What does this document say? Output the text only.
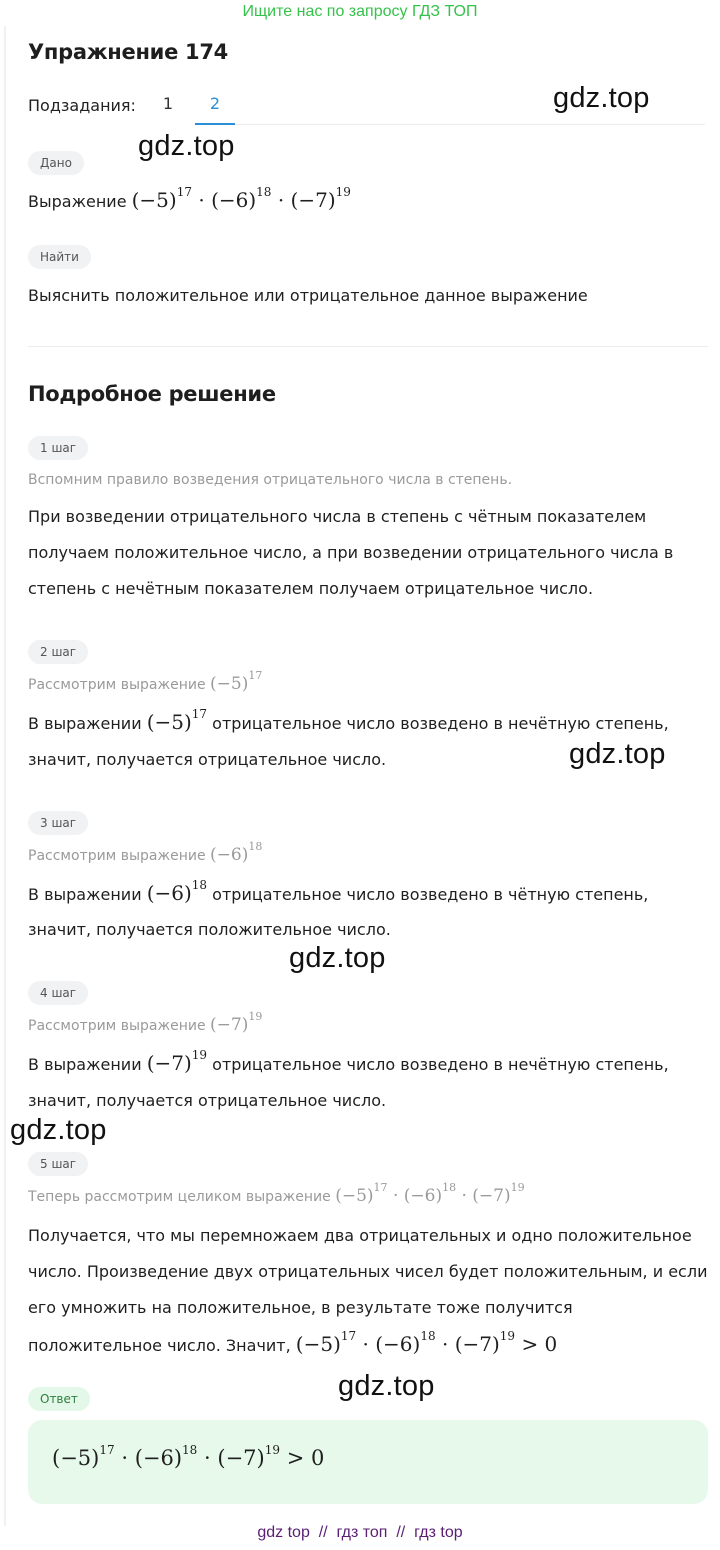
Ищите нас по запросу ГДЗ ТОП
Упражнение 174
Подзадания:	1	2
Дано
Выражение $(-5)^{17} \cdot (-6)^{18} \cdot (-7)^{19}$
Найти
Выяснить положительное или отрицательное данное выражение
Подробное решение
1 шаг
Вспомним правило возведения отрицательного числа в степень.
При возведении отрицательного числа в степень с чётным показателем получаем положительное число, а при возведении отрицательного числа в степень с нечётным показателем получаем отрицательное число.
2 шаг
Рассмотрим выражение $(-5)^{17}$
В выражении $(-5)^{17}$ отрицательное число возведено в нечётную степень,
значит, получается отрицательное число.
3 шаг
Рассмотрим выражение $(-6)^{18}$
В выражении $(-6)^{18}$ отрицательное число возведено в чётную степень,
значит, получается положительное число.
4 шаг
Рассмотрим выражение $(-7)^{19}$
В выражении $(-7)^{19}$ отрицательное число возведено в нечётную степень,
значит, получается отрицательное число.
5 шаг
Теперь рассмотрим целиком выражение $(-5)^{17} \cdot (-6)^{18} \cdot (-7)^{19}$
Получается, что мы перемножаем два отрицательных и одно положительное число. Произведение двух отрицательных чисел будет положительным, и если его умножить на положительное, в результате тоже получится положительное число. Значит, $(-5)^{17} \cdot (-6)^{18} \cdot (-7)^{19} > 0$
Ответ
$(-5)^{17} \cdot (-6)^{18} \cdot (-7)^{19} > 0$
gdz.top
gdz.top
gdz.top
gdz.top
gdz.top
gdz.top
gdz top // гдз топ // гдз top
